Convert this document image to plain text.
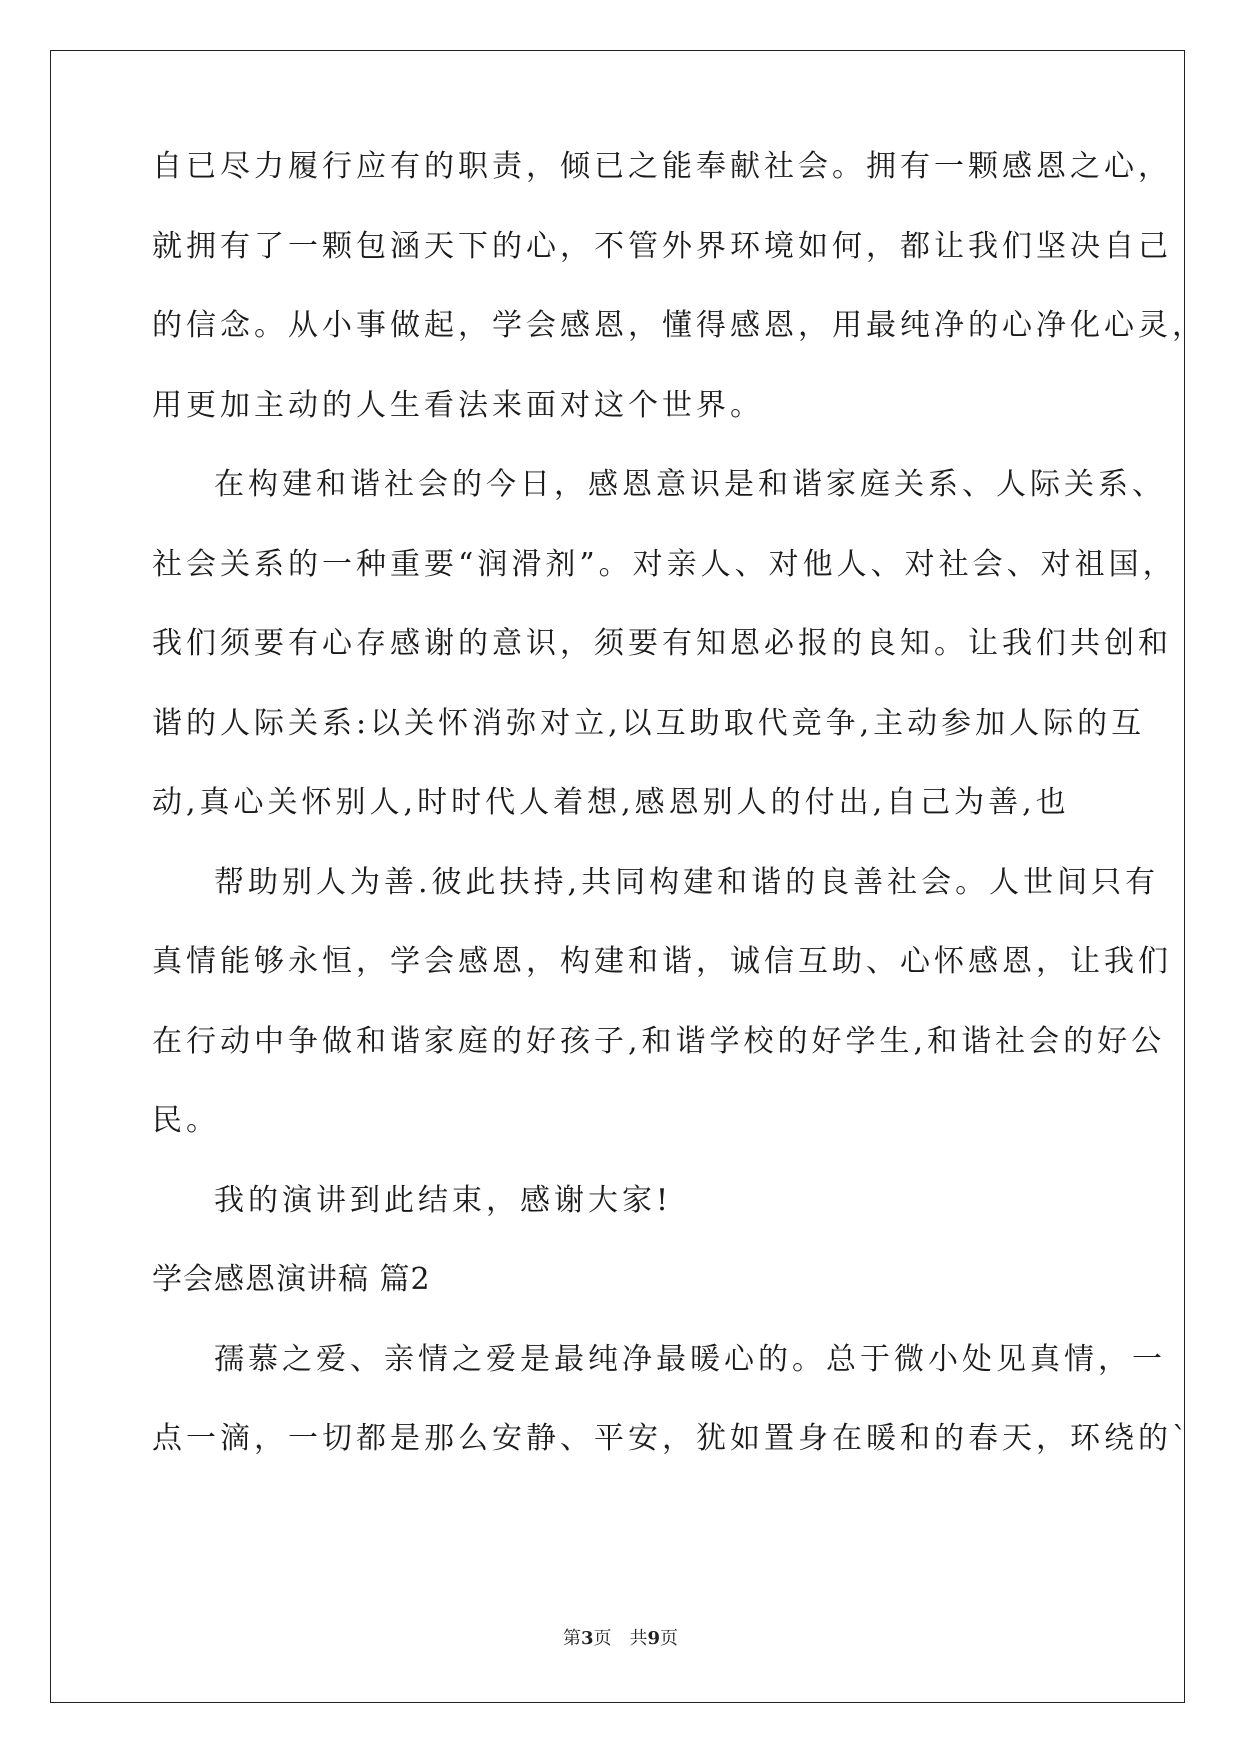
自已尽力履行应有的职责，倾已之能奉献社会。拥有一颗感恩之心，
就拥有了一颗包涵天下的心，不管外界环境如何，都让我们坚决自己
的信念。从小事做起，学会感恩，懂得感恩，用最纯净的心净化心灵，
用更加主动的人生看法来面对这个世界。
在构建和谐社会的今日，感恩意识是和谐家庭关系、人际关系、
社会关系的一种重要“润滑剂”。对亲人、对他人、对社会、对祖国，
我们须要有心存感谢的意识，须要有知恩必报的良知。让我们共创和
谐的人际关系:以关怀消弥对立,以互助取代竞争,主动参加人际的互
动,真心关怀别人,时时代人着想,感恩别人的付出,自己为善,也
帮助别人为善.彼此扶持,共同构建和谐的良善社会。人世间只有
真情能够永恒，学会感恩，构建和谐，诚信互助、心怀感恩，让我们
在行动中争做和谐家庭的好孩子,和谐学校的好学生,和谐社会的好公
民。
我的演讲到此结束，感谢大家!
学会感恩演讲稿 篇2
孺慕之爱、亲情之爱是最纯净最暖心的。总于微小处见真情，一
点一滴，一切都是那么安静、平安，犹如置身在暖和的春天，环绕的`
第3页　共9页
